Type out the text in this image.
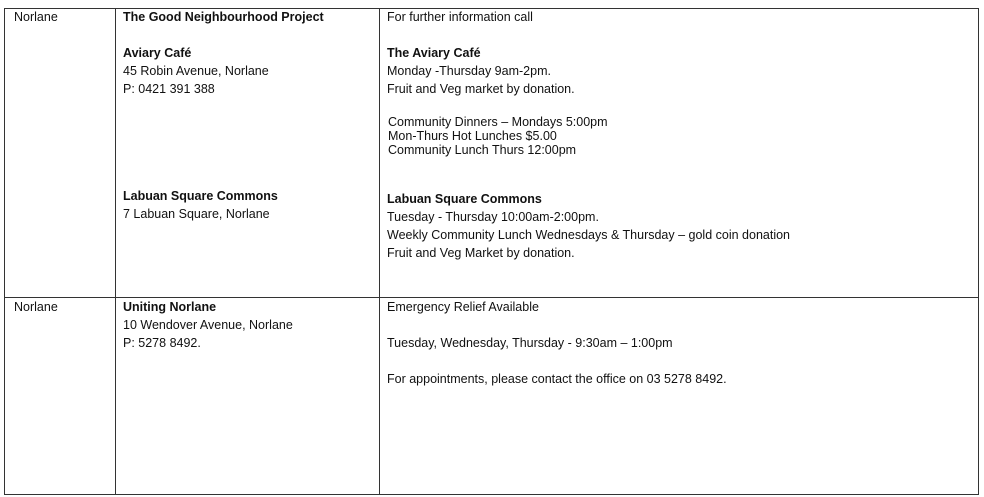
Norlane	The Good Neighbourhood Project
Aviary Café
45 Robin Avenue, Norlane
P: 0421 391 388
Labuan Square Commons
7 Labuan Square, Norlane
For further information call
The Aviary Café
Monday -Thursday 9am-2pm.
Fruit and Veg market by donation.
Community Dinners – Mondays 5:00pm
Mon-Thurs Hot Lunches $5.00
Community Lunch Thurs 12:00pm
Labuan Square Commons
Tuesday - Thursday 10:00am-2:00pm.
Weekly Community Lunch Wednesdays & Thursday – gold coin donation
Fruit and Veg Market by donation.
Norlane	Uniting Norlane
10 Wendover Avenue, Norlane
P: 5278 8492.
Emergency Relief Available
Tuesday, Wednesday, Thursday - 9:30am – 1:00pm
For appointments, please contact the office on 03 5278 8492.
